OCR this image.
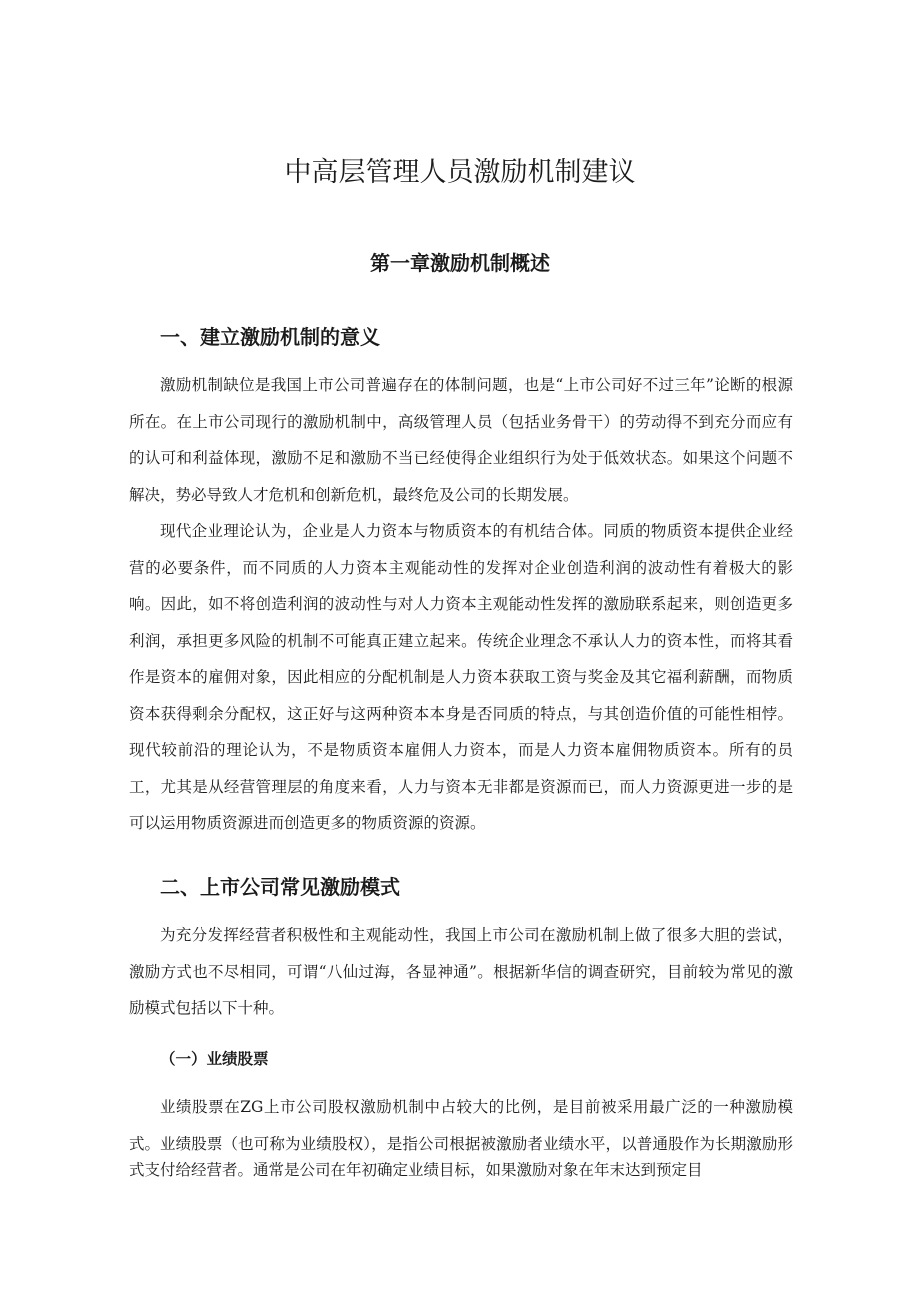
中高层管理人员激励机制建议
第一章激励机制概述
一、建立激励机制的意义

激励机制缺位是我国上市公司普遍存在的体制问题，也是“上市公司好不过三年”论断的根源所在。在上市公司现行的激励机制中，高级管理人员（包括业务骨干）的劳动得不到充分而应有的认可和利益体现，激励不足和激励不当已经使得企业组织行为处于低效状态。如果这个问题不解决，势必导致人才危机和创新危机，最终危及公司的长期发展。

现代企业理论认为，企业是人力资本与物质资本的有机结合体。同质的物质资本提供企业经营的必要条件，而不同质的人力资本主观能动性的发挥对企业创造利润的波动性有着极大的影响。因此，如不将创造利润的波动性与对人力资本主观能动性发挥的激励联系起来，则创造更多利润，承担更多风险的机制不可能真正建立起来。传统企业理念不承认人力的资本性，而将其看作是资本的雇佣对象，因此相应的分配机制是人力资本获取工资与奖金及其它福利薪酬，而物质资本获得剩余分配权，这正好与这两种资本本身是否同质的特点，与其创造价值的可能性相悖。现代较前沿的理论认为，不是物质资本雇佣人力资本，而是人力资本雇佣物质资本。所有的员工，尤其是从经营管理层的角度来看，人力与资本无非都是资源而已，而人力资源更进一步的是可以运用物质资源进而创造更多的物质资源的资源。

二、上市公司常见激励模式

为充分发挥经营者积极性和主观能动性，我国上市公司在激励机制上做了很多大胆的尝试，激励方式也不尽相同，可谓“八仙过海，各显神通”。根据新华信的调查研究，目前较为常见的激励模式包括以下十种。

（一）业绩股票

业绩股票在ZG上市公司股权激励机制中占较大的比例，是目前被采用最广泛的一种激励模式。 业绩股票（也可称为业绩股权），是指公司根据被激励者业绩水平，以普通股作为长期激励形式支付给经营者。通常是公司在年初确定业绩目标，如果激励对象在年末达到预定目
